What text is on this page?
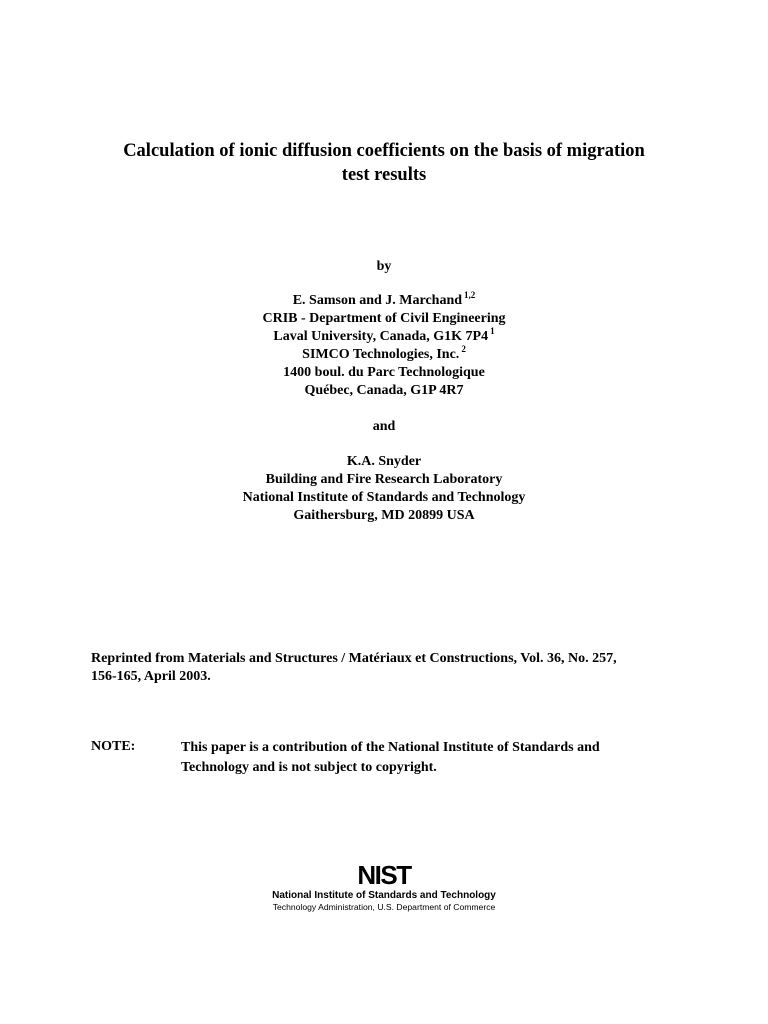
Calculation of ionic diffusion coefficients on the basis of migration
test results
by
E. Samson and J. Marchand $^{1,2}$
CRIB - Department of Civil Engineering
Laval University, Canada, G1K 7P4 $^1$
SIMCO Technologies, Inc. $^2$
1400 boul. du Parc Technologique
Québec, Canada, G1P 4R7
and
K.A. Snyder
Building and Fire Research Laboratory
National Institute of Standards and Technology
Gaithersburg, MD 20899 USA
Reprinted from Materials and Structures / Matériaux et Constructions, Vol. 36, No. 257,
156-165, April 2003.
NOTE:	This paper is a contribution of the National Institute of Standards and
Technology and is not subject to copyright.
NIST
National Institute of Standards and Technology
Technology Administration, U.S. Department of Commerce
